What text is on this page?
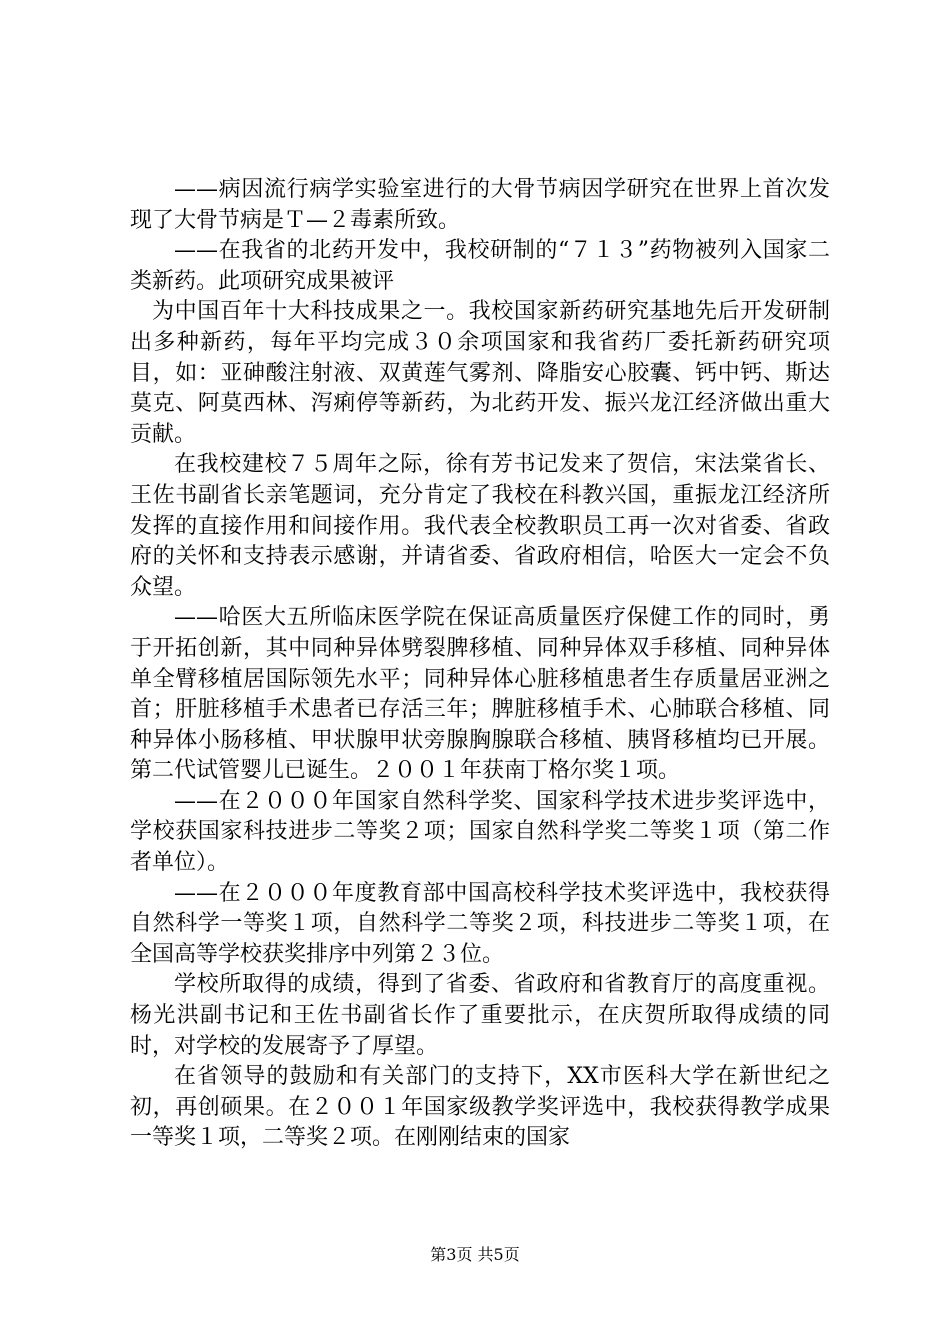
——病因流行病学实验室进行的大骨节病因学研究在世界上首次发现了大骨节病是Ｔ—２毒素所致。

——在我省的北药开发中，我校研制的“７１３”药物被列入国家二类新药。此项研究成果被评

为中国百年十大科技成果之一。我校国家新药研究基地先后开发研制出多种新药，每年平均完成３０余项国家和我省药厂委托新药研究项目，如：亚砷酸注射液、双黄莲气雾剂、降脂安心胶囊、钙中钙、斯达莫克、阿莫西林、泻痢停等新药，为北药开发、振兴龙江经济做出重大贡献。

在我校建校７５周年之际，徐有芳书记发来了贺信，宋法棠省长、王佐书副省长亲笔题词，充分肯定了我校在科教兴国，重振龙江经济所发挥的直接作用和间接作用。我代表全校教职员工再一次对省委、省政府的关怀和支持表示感谢，并请省委、省政府相信，哈医大一定会不负众望。

——哈医大五所临床医学院在保证高质量医疗保健工作的同时，勇于开拓创新，其中同种异体劈裂脾移植、同种异体双手移植、同种异体单全臂移植居国际领先水平；同种异体心脏移植患者生存质量居亚洲之首；肝脏移植手术患者已存活三年；脾脏移植手术、心肺联合移植、同种异体小肠移植、甲状腺甲状旁腺胸腺联合移植、胰肾移植均已开展。第二代试管婴儿已诞生。２００１年获南丁格尔奖１项。

——在２０００年国家自然科学奖、国家科学技术进步奖评选中，学校获国家科技进步二等奖２项；国家自然科学奖二等奖１项（第二作者单位）。

——在２０００年度教育部中国高校科学技术奖评选中，我校获得自然科学一等奖１项，自然科学二等奖２项，科技进步二等奖１项，在全国高等学校获奖排序中列第２３位。

学校所取得的成绩，得到了省委、省政府和省教育厅的高度重视。杨光洪副书记和王佐书副省长作了重要批示，在庆贺所取得成绩的同时，对学校的发展寄予了厚望。

在省领导的鼓励和有关部门的支持下，XX市医科大学在新世纪之初，再创硕果。在２００１年国家级教学奖评选中，我校获得教学成果一等奖１项，二等奖２项。在刚刚结束的国家

第3页 共5页
